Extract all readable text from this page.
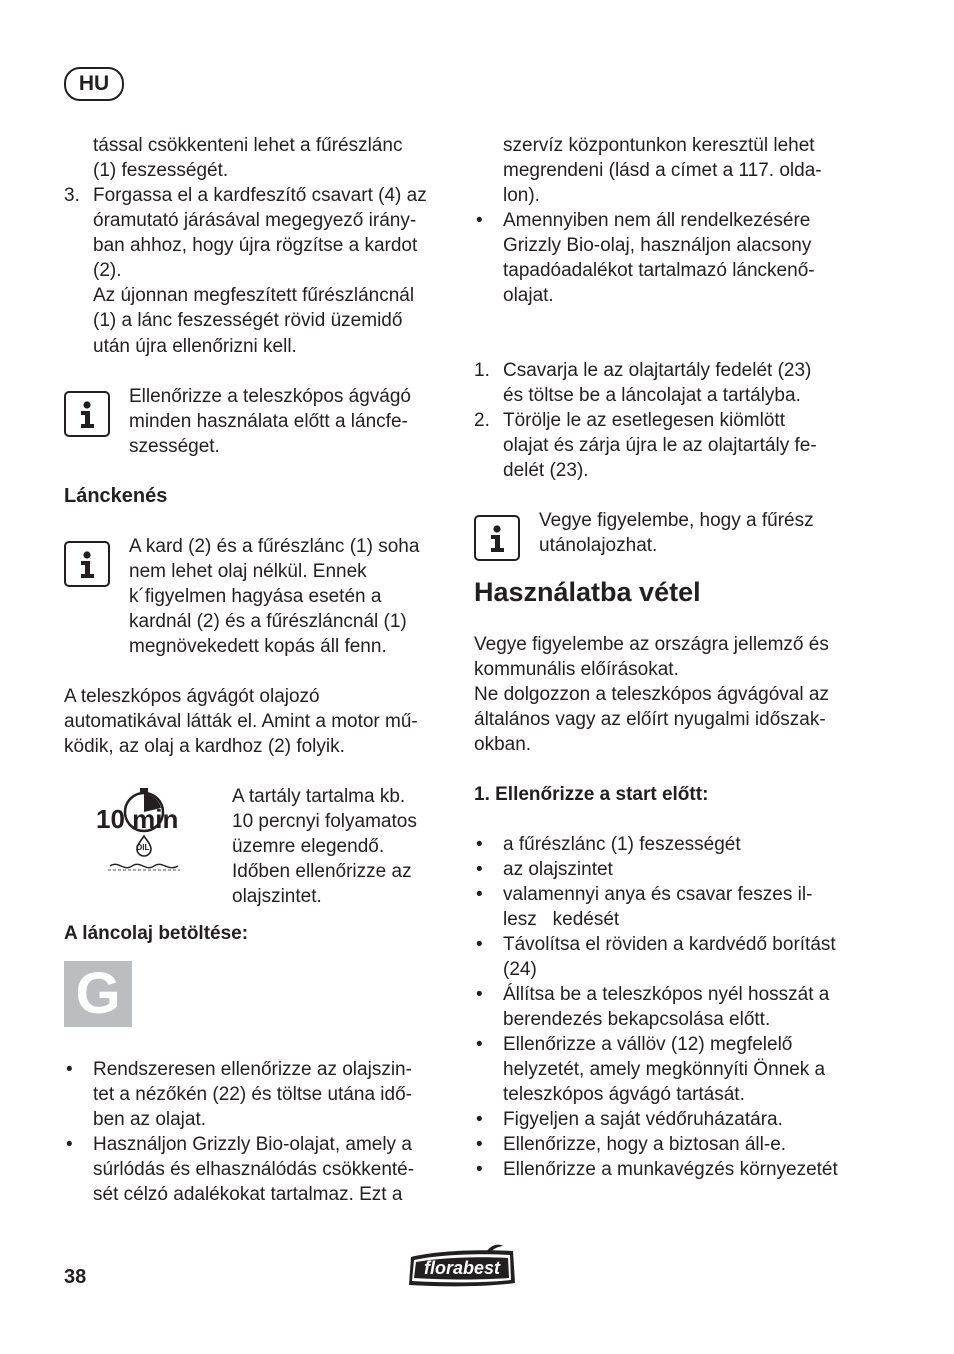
HU
tással csökkenteni lehet a fűrészlánc
(1) feszességét.
3. Forgassa el a kardfeszítő csavart (4) az
óramutató járásával megegyező irány-
ban ahhoz, hogy újra rögzítse a kardot
(2).
Az újonnan megfeszített fűrészláncnál
(1) a lánc feszességét rövid üzemidő
után újra ellenőrizni kell.
Ellenőrizze a teleszkópos ágvágó
minden használata előtt a láncfe-
szességet.
Lánckenés
A kard (2) és a fűrészlánc (1) soha
nem lehet olaj nélkül. Ennek
k´figyelmen hagyása esetén a
kardnál (2) és a fűrészláncnál (1)
megnövekedett kopás áll fenn.
A teleszkópos ágvágót olajozó
automatikával látták el. Amint a motor mű-
ködik, az olaj a kardhoz (2) folyik.
10 min
OIL
A tartály tartalma kb.
10 percnyi folyamatos
üzemre elegendő.
Időben ellenőrizze az
olajszintet.
A láncolaj betöltése:
G
• Rendszeresen ellenőrizze az olajszin-
tet a nézőkén (22) és töltse utána idő-
ben az olajat.
• Használjon Grizzly Bio-olajat, amely a
súrlódás és elhasználódás csökkenté-
sét célzó adalékokat tartalmaz. Ezt a
szervíz központunkon keresztül lehet
megrendeni (lásd a címet a 117. olda-
lon).
• Amennyiben nem áll rendelkezésére
Grizzly Bio-olaj, használjon alacsony
tapadóadalékot tartalmazó lánckenő-
olajat.
1. Csavarja le az olajtartály fedelét (23)
és töltse be a láncolajat a tartályba.
2. Törölje le az esetlegesen kiömlött
olajat és zárja újra le az olajtartály fe-
delét (23).
Vegye figyelembe, hogy a fűrész
utánolajozhat.
Használatba vétel
Vegye figyelembe az országra jellemző és
kommunális előírásokat.
Ne dolgozzon a teleszkópos ágvágóval az
általános vagy az előírt nyugalmi időszak-
okban.
1. Ellenőrizze a start előtt:
• a fűrészlánc (1) feszességét
• az olajszintet
• valamennyi anya és csavar feszes il-
lesz   kedését
• Távolítsa el röviden a kardvédő borítást
(24)
• Állítsa be a teleszkópos nyél hosszát a
berendezés bekapcsolása előtt.
• Ellenőrizze a vállöv (12) megfelelő
helyzetét, amely megkönnyíti Önnek a
teleszkópos ágvágó tartását.
• Figyeljen a saját védőruházatára.
• Ellenőrizze, hogy a biztosan áll-e.
• Ellenőrizze a munkavégzés környezetét
38	florabest
